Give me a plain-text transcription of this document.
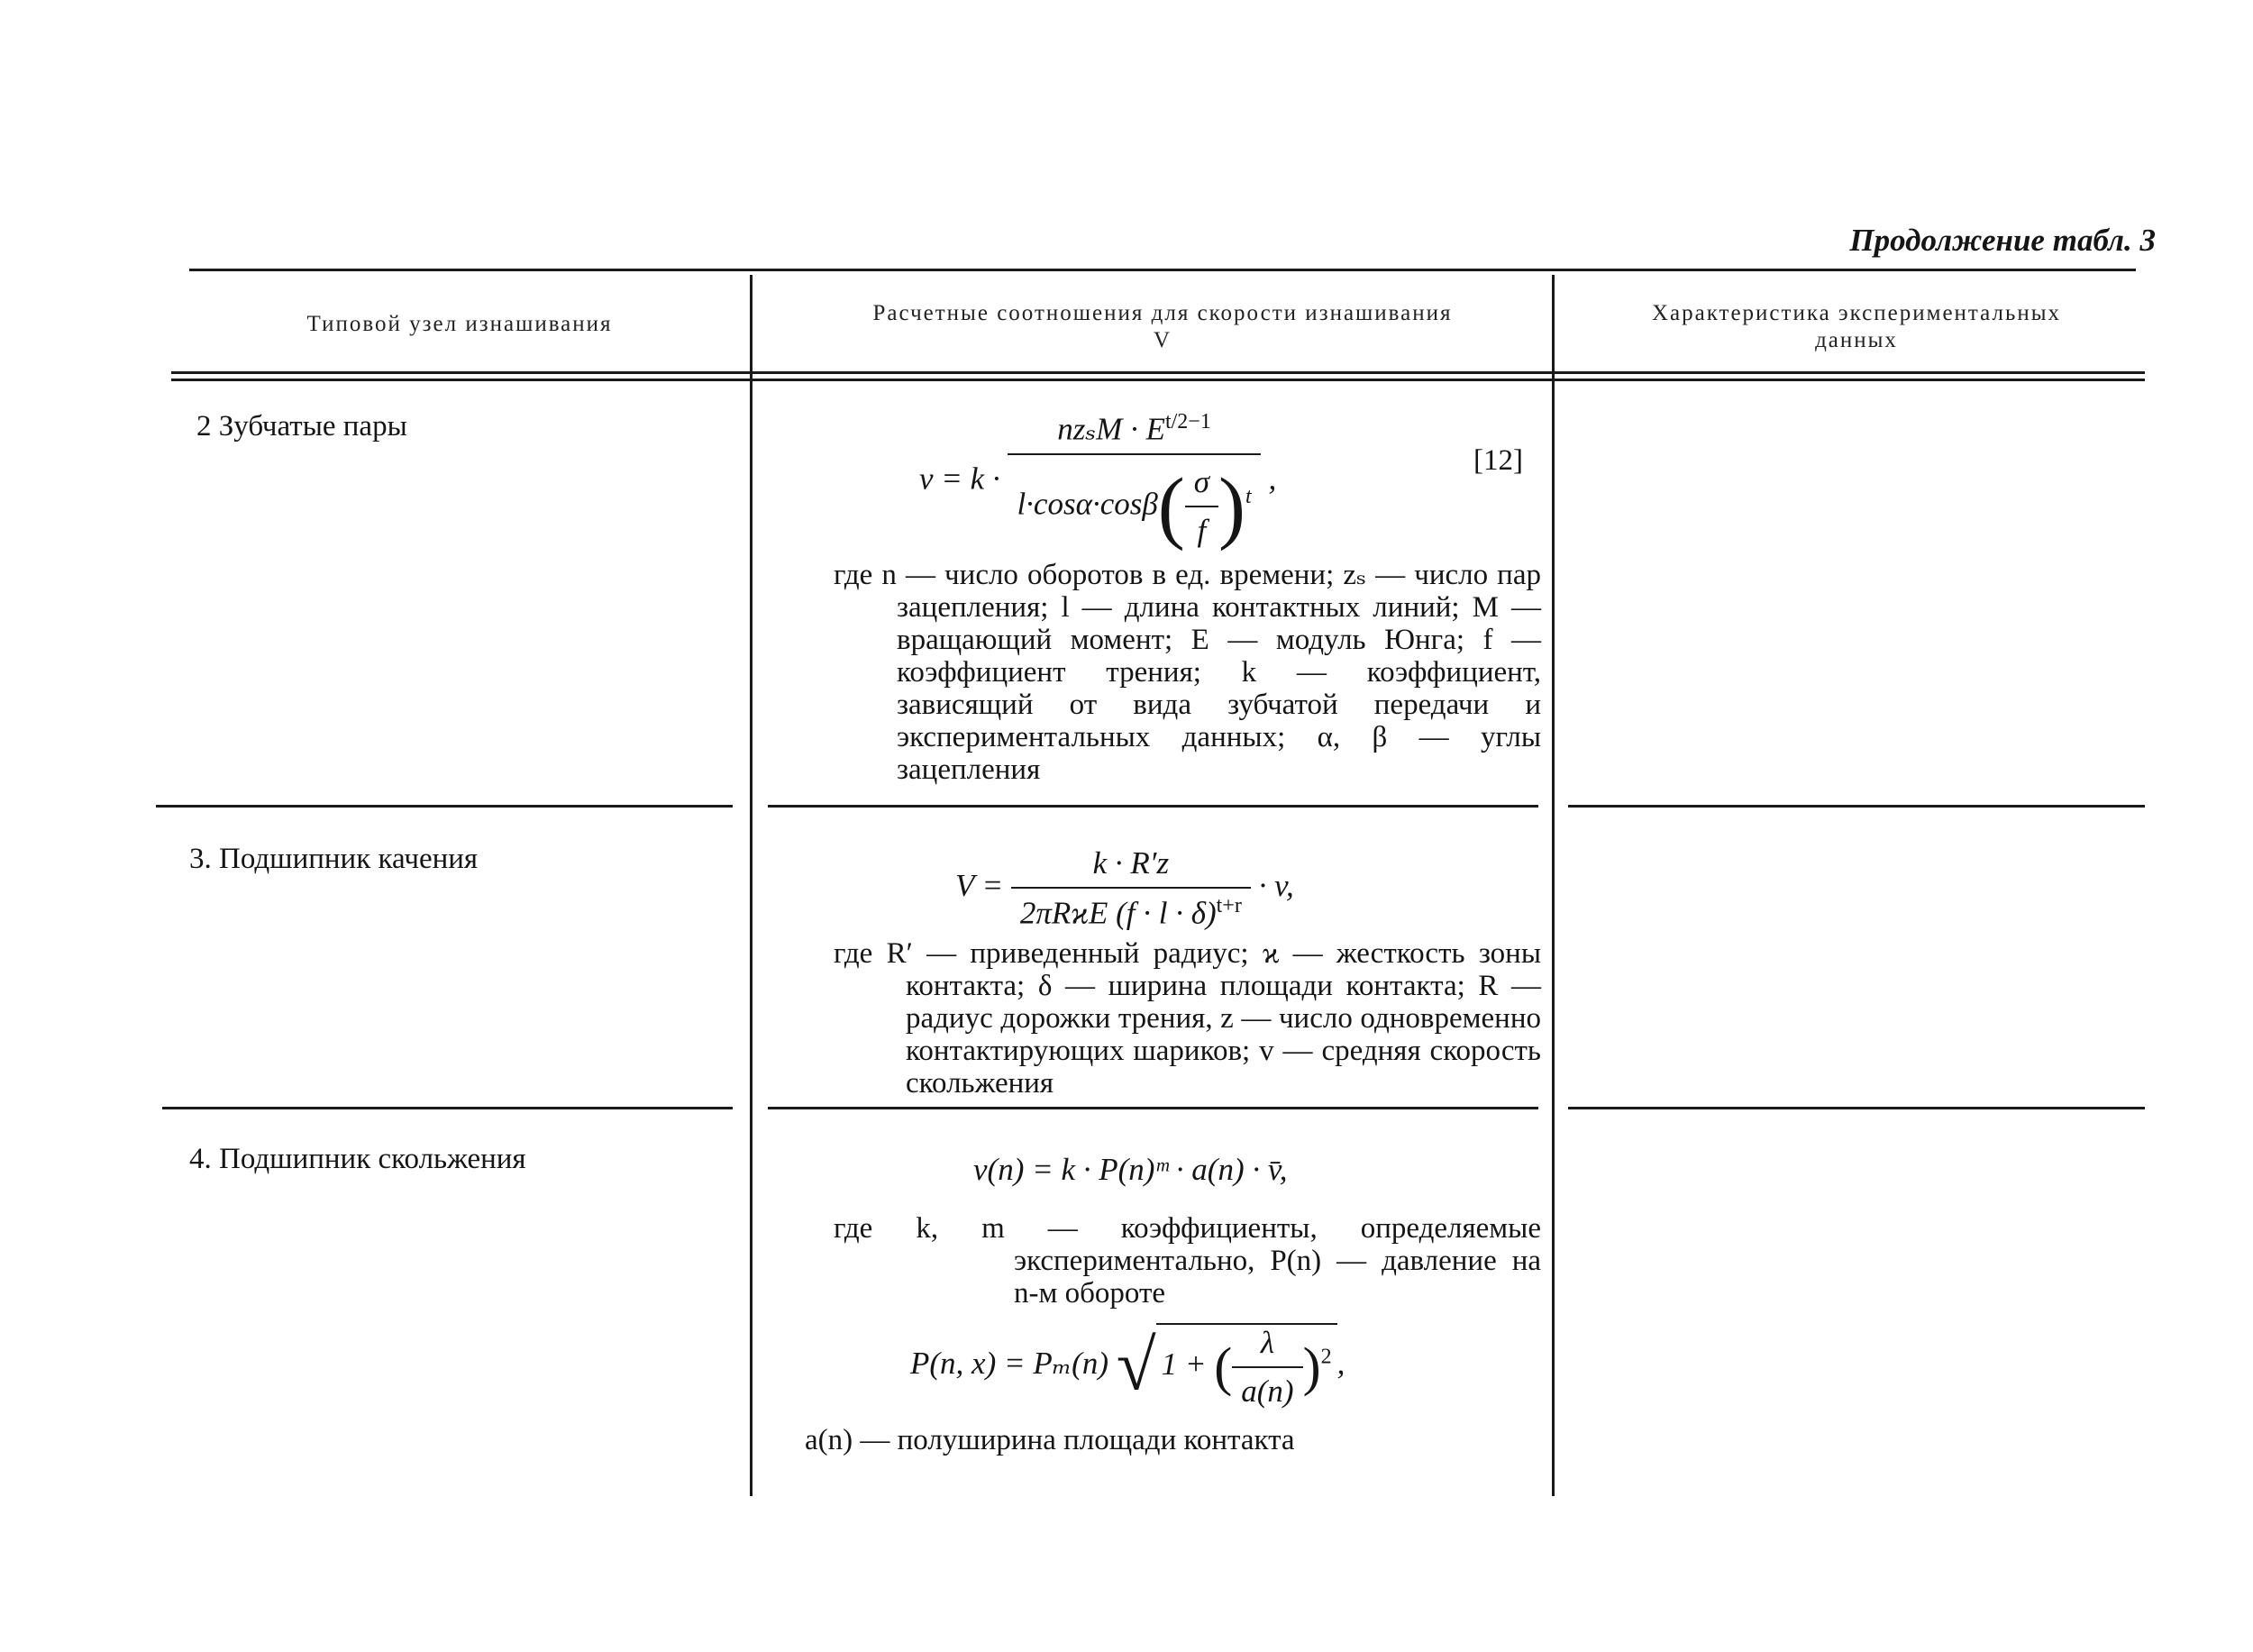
Продолжение табл. 3
Типовой узел изнашивания	Расчетные соотношения для скорости изнашивания V
Характеристика экспериментальных данных
2 Зубчатые пары
$v = k \cdot \frac{nz_sM \cdot E^{t/2-1}}{l\cdot\cos\alpha\cdot\cos\beta( \frac{\sigma}{f} )^t}$ ,
[12]
где n — число оборотов в ед. времени; zₛ — число пар зацепления; l — длина контактных линий; M — вращающий момент; E — модуль Юнга; f — коэффициент трения; k — коэффициент, зависящий от вида зубчатой передачи и экспериментальных данных; α, β — углы зацепления
3. Подшипник качения
$V = \frac{k \cdot R'z}{2\pi RϰE (f \cdot l \cdot \delta)^{t+r}} \cdot v$,
где R′ — приведенный радиус; ϰ — жесткость зоны контакта; δ — ширина площади контакта; R — радиус дорожки трения, z — число одновременно контактирующих шариков; v — средняя скорость скольжения
4. Подшипник скольжения	v(n) = k · P(n)ᵐ · a(n) · v̄,
где k, m — коэффициенты, определяемые экспериментально, P(n) — давление на n-м обороте
P(n, x) = Pₘ(n) √ 1 + ( $\frac{\lambda}{a(n)} )^2$ ,
a(n) — полуширина площади контакта
